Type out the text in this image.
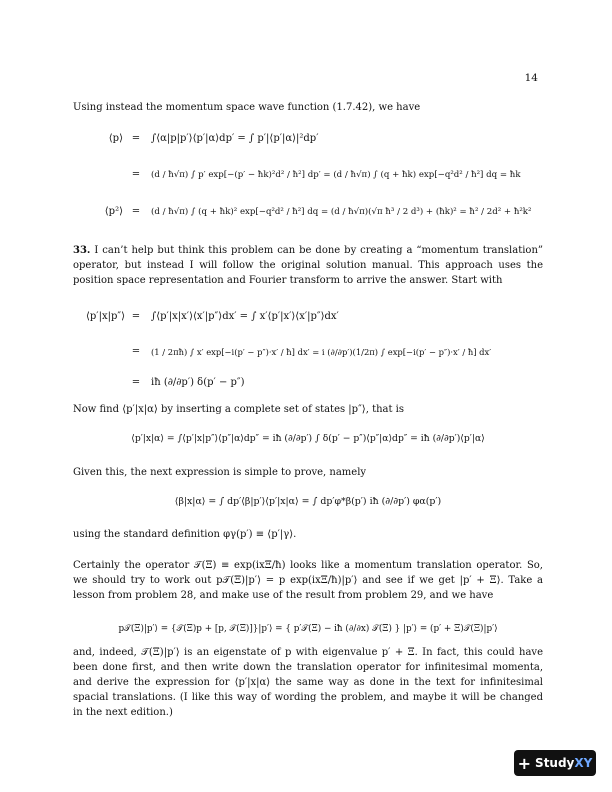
14

Using instead the momentum space wave function (1.7.42), we have

⟨p⟩ = ∫⟨α|p|p′⟩⟨p′|α⟩dp′ = ∫ p′|⟨p′|α⟩|²dp′
=	(d / ħ√π) ∫ p′ exp[−(p′ − ħk)²d² / ħ²] dp′ = (d / ħ√π) ∫ (q + ħk) exp[−q²d² / ħ²] dq = ħk
⟨p²⟩ =	(d / ħ√π) ∫ (q + ħk)² exp[−q²d² / ħ²] dq = (d / ħ√π)(√π ħ³ / 2 d³) + (ħk)² = ħ² / 2d² + ħ²k²

33. I can’t help but think this problem can be done by creating a “momentum translation” operator, but instead I will follow the original solution manual. This approach uses the position space representation and Fourier transform to arrive the answer. Start with

⟨p′|x|p″⟩ = ∫⟨p′|x|x′⟩⟨x′|p″⟩dx′ = ∫ x′⟨p′|x′⟩⟨x′|p″⟩dx′
=	(1 / 2πħ) ∫ x′ exp[−i(p′ − p″)·x′ / ħ] dx′ = i (∂/∂p′)(1/2π) ∫ exp[−i(p′ − p″)·x′ / ħ] dx′
= iħ (∂/∂p′) δ(p′ − p″)

Now find ⟨p′|x|α⟩ by inserting a complete set of states |p″⟩, that is

⟨p′|x|α⟩ = ∫⟨p′|x|p″⟩⟨p″|α⟩dp″ = iħ (∂/∂p′) ∫ δ(p′ − p″)⟨p″|α⟩dp″ = iħ (∂/∂p′)⟨p′|α⟩

Given this, the next expression is simple to prove, namely

⟨β|x|α⟩ = ∫ dp′⟨β|p′⟩⟨p′|x|α⟩ = ∫ dp′φ*β(p′) iħ (∂/∂p′) φα(p′)

using the standard definition φγ(p′) ≡ ⟨p′|γ⟩.

Certainly the operator 𝒯(Ξ) ≡ exp(ixΞ/ħ) looks like a momentum translation operator. So, we should try to work out p𝒯(Ξ)|p′⟩ = p exp(ixΞ/ħ)|p′⟩ and see if we get |p′ + Ξ⟩. Take a lesson from problem 28, and make use of the result from problem 29, and we have

p𝒯(Ξ)|p′⟩ = {𝒯(Ξ)p + [p, 𝒯(Ξ)]}|p′⟩ = { p′𝒯(Ξ) − iħ (∂/∂x) 𝒯(Ξ) } |p′⟩ = (p′ + Ξ)𝒯(Ξ)|p′⟩

and, indeed, 𝒯(Ξ)|p′⟩ is an eigenstate of p with eigenvalue p′ + Ξ. In fact, this could have been done first, and then write down the translation operator for infinitesimal momenta, and derive the expression for ⟨p′|x|α⟩ the same way as done in the text for infinitesimal spacial translations. (I like this way of wording the problem, and maybe it will be changed in the next edition.)

+ StudyXY
